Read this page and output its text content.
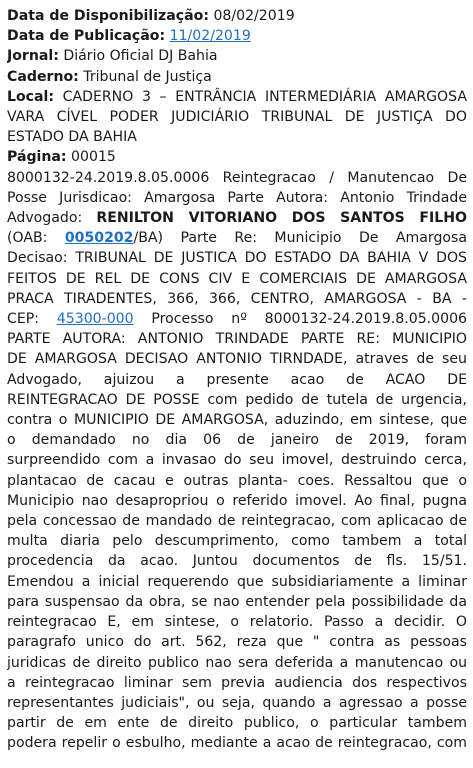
Data de Disponibilização: 08/02/2019
Data de Publicação: 11/02/2019
Jornal: Diário Oficial DJ Bahia
Caderno: Tribunal de Justiça
Local: CADERNO 3 – ENTRÂNCIA INTERMEDIÁRIA AMARGOSA
VARA CÍVEL PODER JUDICIÁRIO TRIBUNAL DE JUSTIÇA DO
ESTADO DA BAHIA
Página: 00015
8000132-24.2019.8.05.0006 Reintegracao / Manutencao De
Posse Jurisdicao: Amargosa Parte Autora: Antonio Trindade
Advogado: RENILTON VITORIANO DOS SANTOS FILHO
(OAB: 0050202/BA) Parte Re: Municipio De Amargosa
Decisao: TRIBUNAL DE JUSTICA DO ESTADO DA BAHIA V DOS
FEITOS DE REL DE CONS CIV E COMERCIAIS DE AMARGOSA
PRACA TIRADENTES, 366, 366, CENTRO, AMARGOSA - BA -
CEP: 45300-000 Processo nº 8000132-24.2019.8.05.0006
PARTE AUTORA: ANTONIO TRINDADE PARTE RE: MUNICIPIO
DE AMARGOSA DECISAO ANTONIO TIRNDADE, atraves de seu
Advogado, ajuizou a presente acao de ACAO DE
REINTEGRACAO DE POSSE com pedido de tutela de urgencia,
contra o MUNICIPIO DE AMARGOSA, aduzindo, em sintese, que
o demandado no dia 06 de janeiro de 2019, foram
surpreendido com a invasao do seu imovel, destruindo cerca,
plantacao de cacau e outras planta- coes. Ressaltou que o
Municipio nao desapropriou o referido imovel. Ao final, pugna
pela concessao de mandado de reintegracao, com aplicacao de
multa diaria pelo descumprimento, como tambem a total
procedencia da acao. Juntou documentos de fls. 15/51.
Emendou a inicial requerendo que subsidiariamente a liminar
para suspensao da obra, se nao entender pela possibilidade da
reintegracao E, em sintese, o relatorio. Passo a decidir. O
paragrafo unico do art. 562, reza que " contra as pessoas
juridicas de direito publico nao sera deferida a manutencao ou
a reintegracao liminar sem previa audiencia dos respectivos
representantes judiciais", ou seja, quando a agressao a posse
partir de em ente de direito publico, o particular tambem
podera repelir o esbulho, mediante a acao de reintegracao, com
